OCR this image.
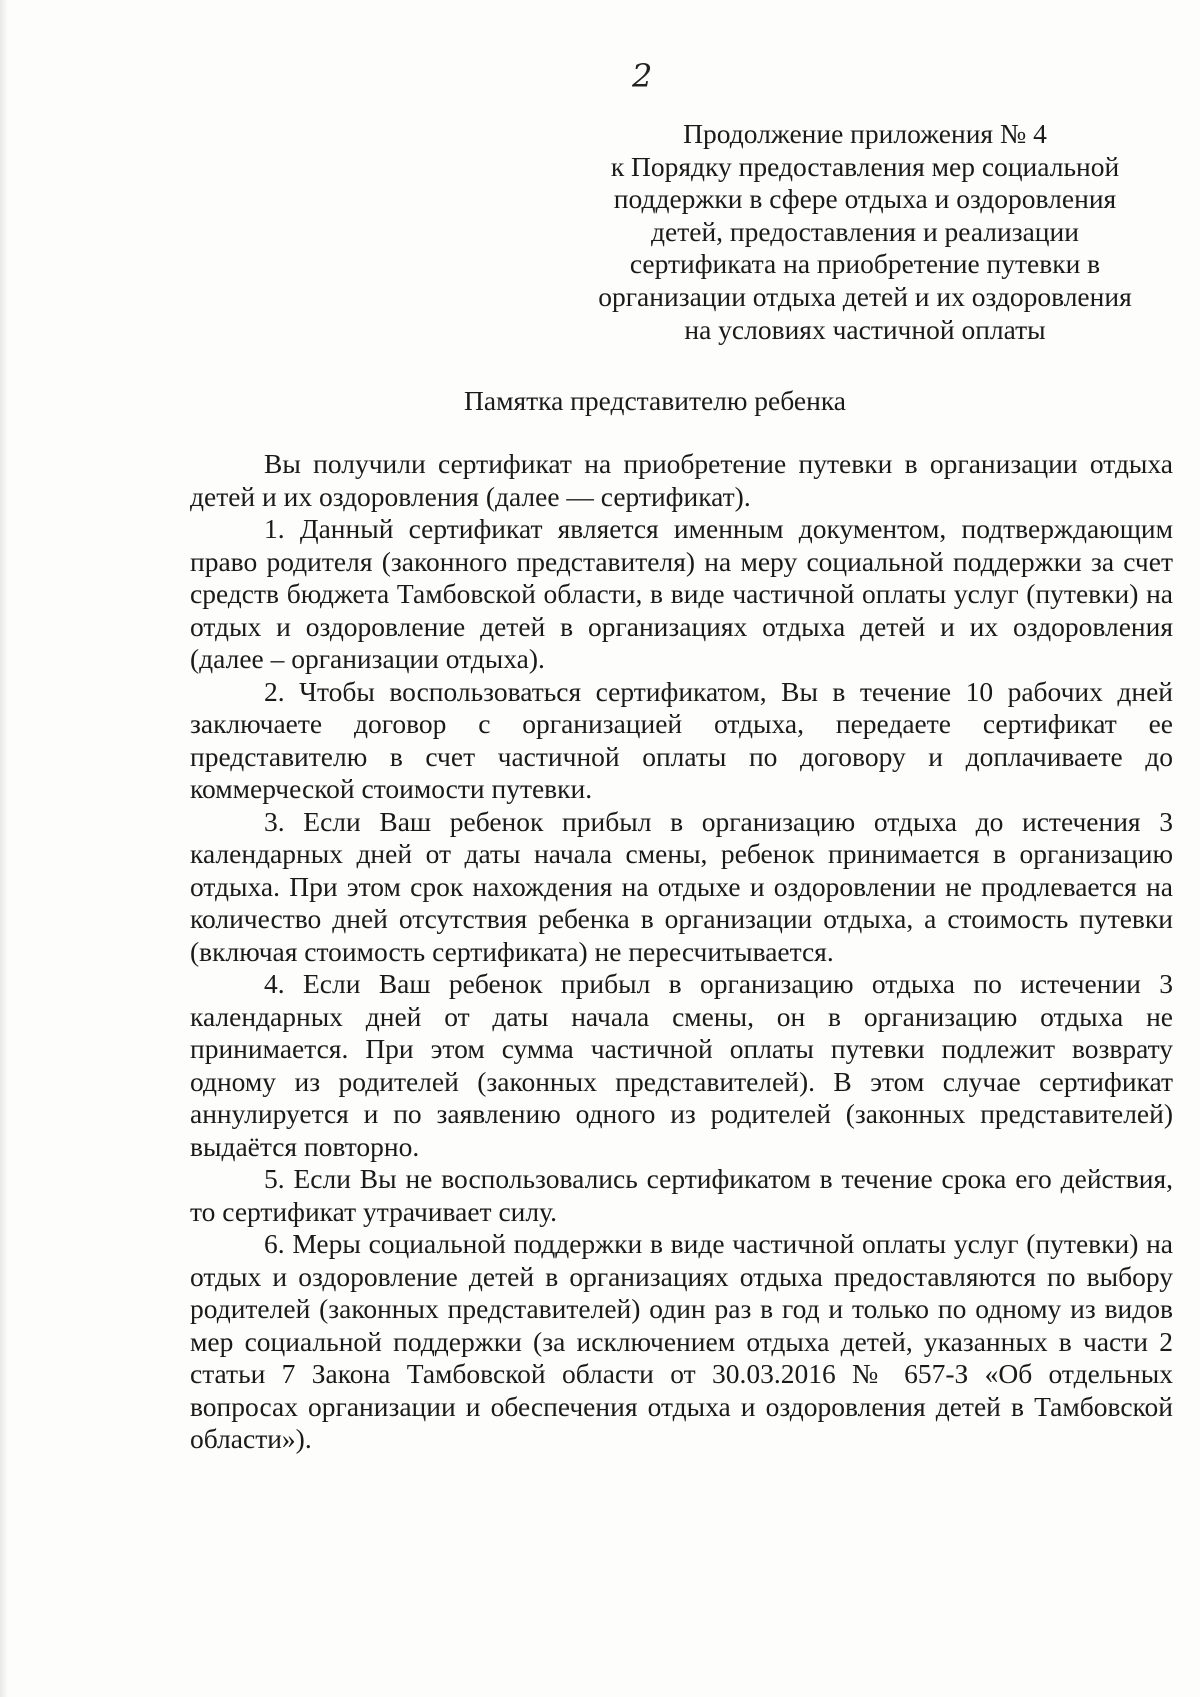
2
Продолжение приложения № 4
к Порядку предоставления мер социальной
поддержки в сфере отдыха и оздоровления
детей, предоставления и реализации
сертификата на приобретение путевки в
организации отдыха детей и их оздоровления
на условиях частичной оплаты
Памятка представителю ребенка

Вы получили сертификат на приобретение путевки в организации отдыха детей и их оздоровления (далее — сертификат).

1. Данный сертификат является именным документом, подтверждающим право родителя (законного представителя) на меру социальной поддержки за счет средств бюджета Тамбовской области, в виде частичной оплаты услуг (путевки) на отдых и оздоровление детей в организациях отдыха детей и их оздоровления (далее – организации отдыха).

2. Чтобы воспользоваться сертификатом, Вы в течение 10 рабочих дней заключаете договор с организацией отдыха, передаете сертификат ее представителю в счет частичной оплаты по договору и доплачиваете до коммерческой стоимости путевки.

3. Если Ваш ребенок прибыл в организацию отдыха до истечения 3 календарных дней от даты начала смены, ребенок принимается в организацию отдыха. При этом срок нахождения на отдыхе и оздоровлении не продлевается на количество дней отсутствия ребенка в организации отдыха, а стоимость путевки (включая стоимость сертификата) не пересчитывается.

4. Если Ваш ребенок прибыл в организацию отдыха по истечении 3 календарных дней от даты начала смены, он в организацию отдыха не принимается. При этом сумма частичной оплаты путевки подлежит возврату одному из родителей (законных представителей). В этом случае сертификат аннулируется и по заявлению одного из родителей (законных представителей) выдаётся повторно.

5. Если Вы не воспользовались сертификатом в течение срока его действия, то сертификат утрачивает силу.

6. Меры социальной поддержки в виде частичной оплаты услуг (путевки) на отдых и оздоровление детей в организациях отдыха предоставляются по выбору родителей (законных представителей) один раз в год и только по одному из видов мер социальной поддержки (за исключением отдыха детей, указанных в части 2 статьи 7 Закона Тамбовской области от 30.03.2016 № 657-З «Об отдельных вопросах организации и обеспечения отдыха и оздоровления детей в Тамбовской области»).
